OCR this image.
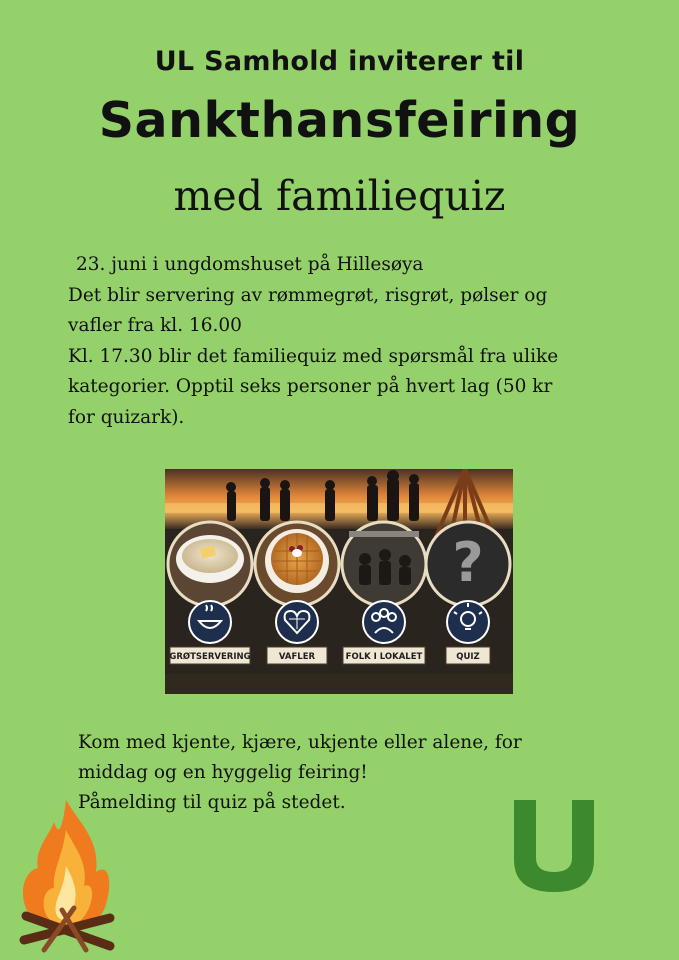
UL Samhold inviterer til
Sankthansfeiring
med familiequiz
23. juni i ungdomshuset på Hillesøya
Det blir servering av rømmegrøt, risgrøt, pølser og
vafler fra kl. 16.00
Kl. 17.30 blir det familiequiz med spørsmål fra ulike
kategorier. Opptil seks personer på hvert lag (50 kr
for quizark).
?
GRØTSERVERING	VAFLER	FOLK I LOKALET	QUIZ
Kom med kjente, kjære, ukjente eller alene, for
middag og en hyggelig feiring!
Påmelding til quiz på stedet.
